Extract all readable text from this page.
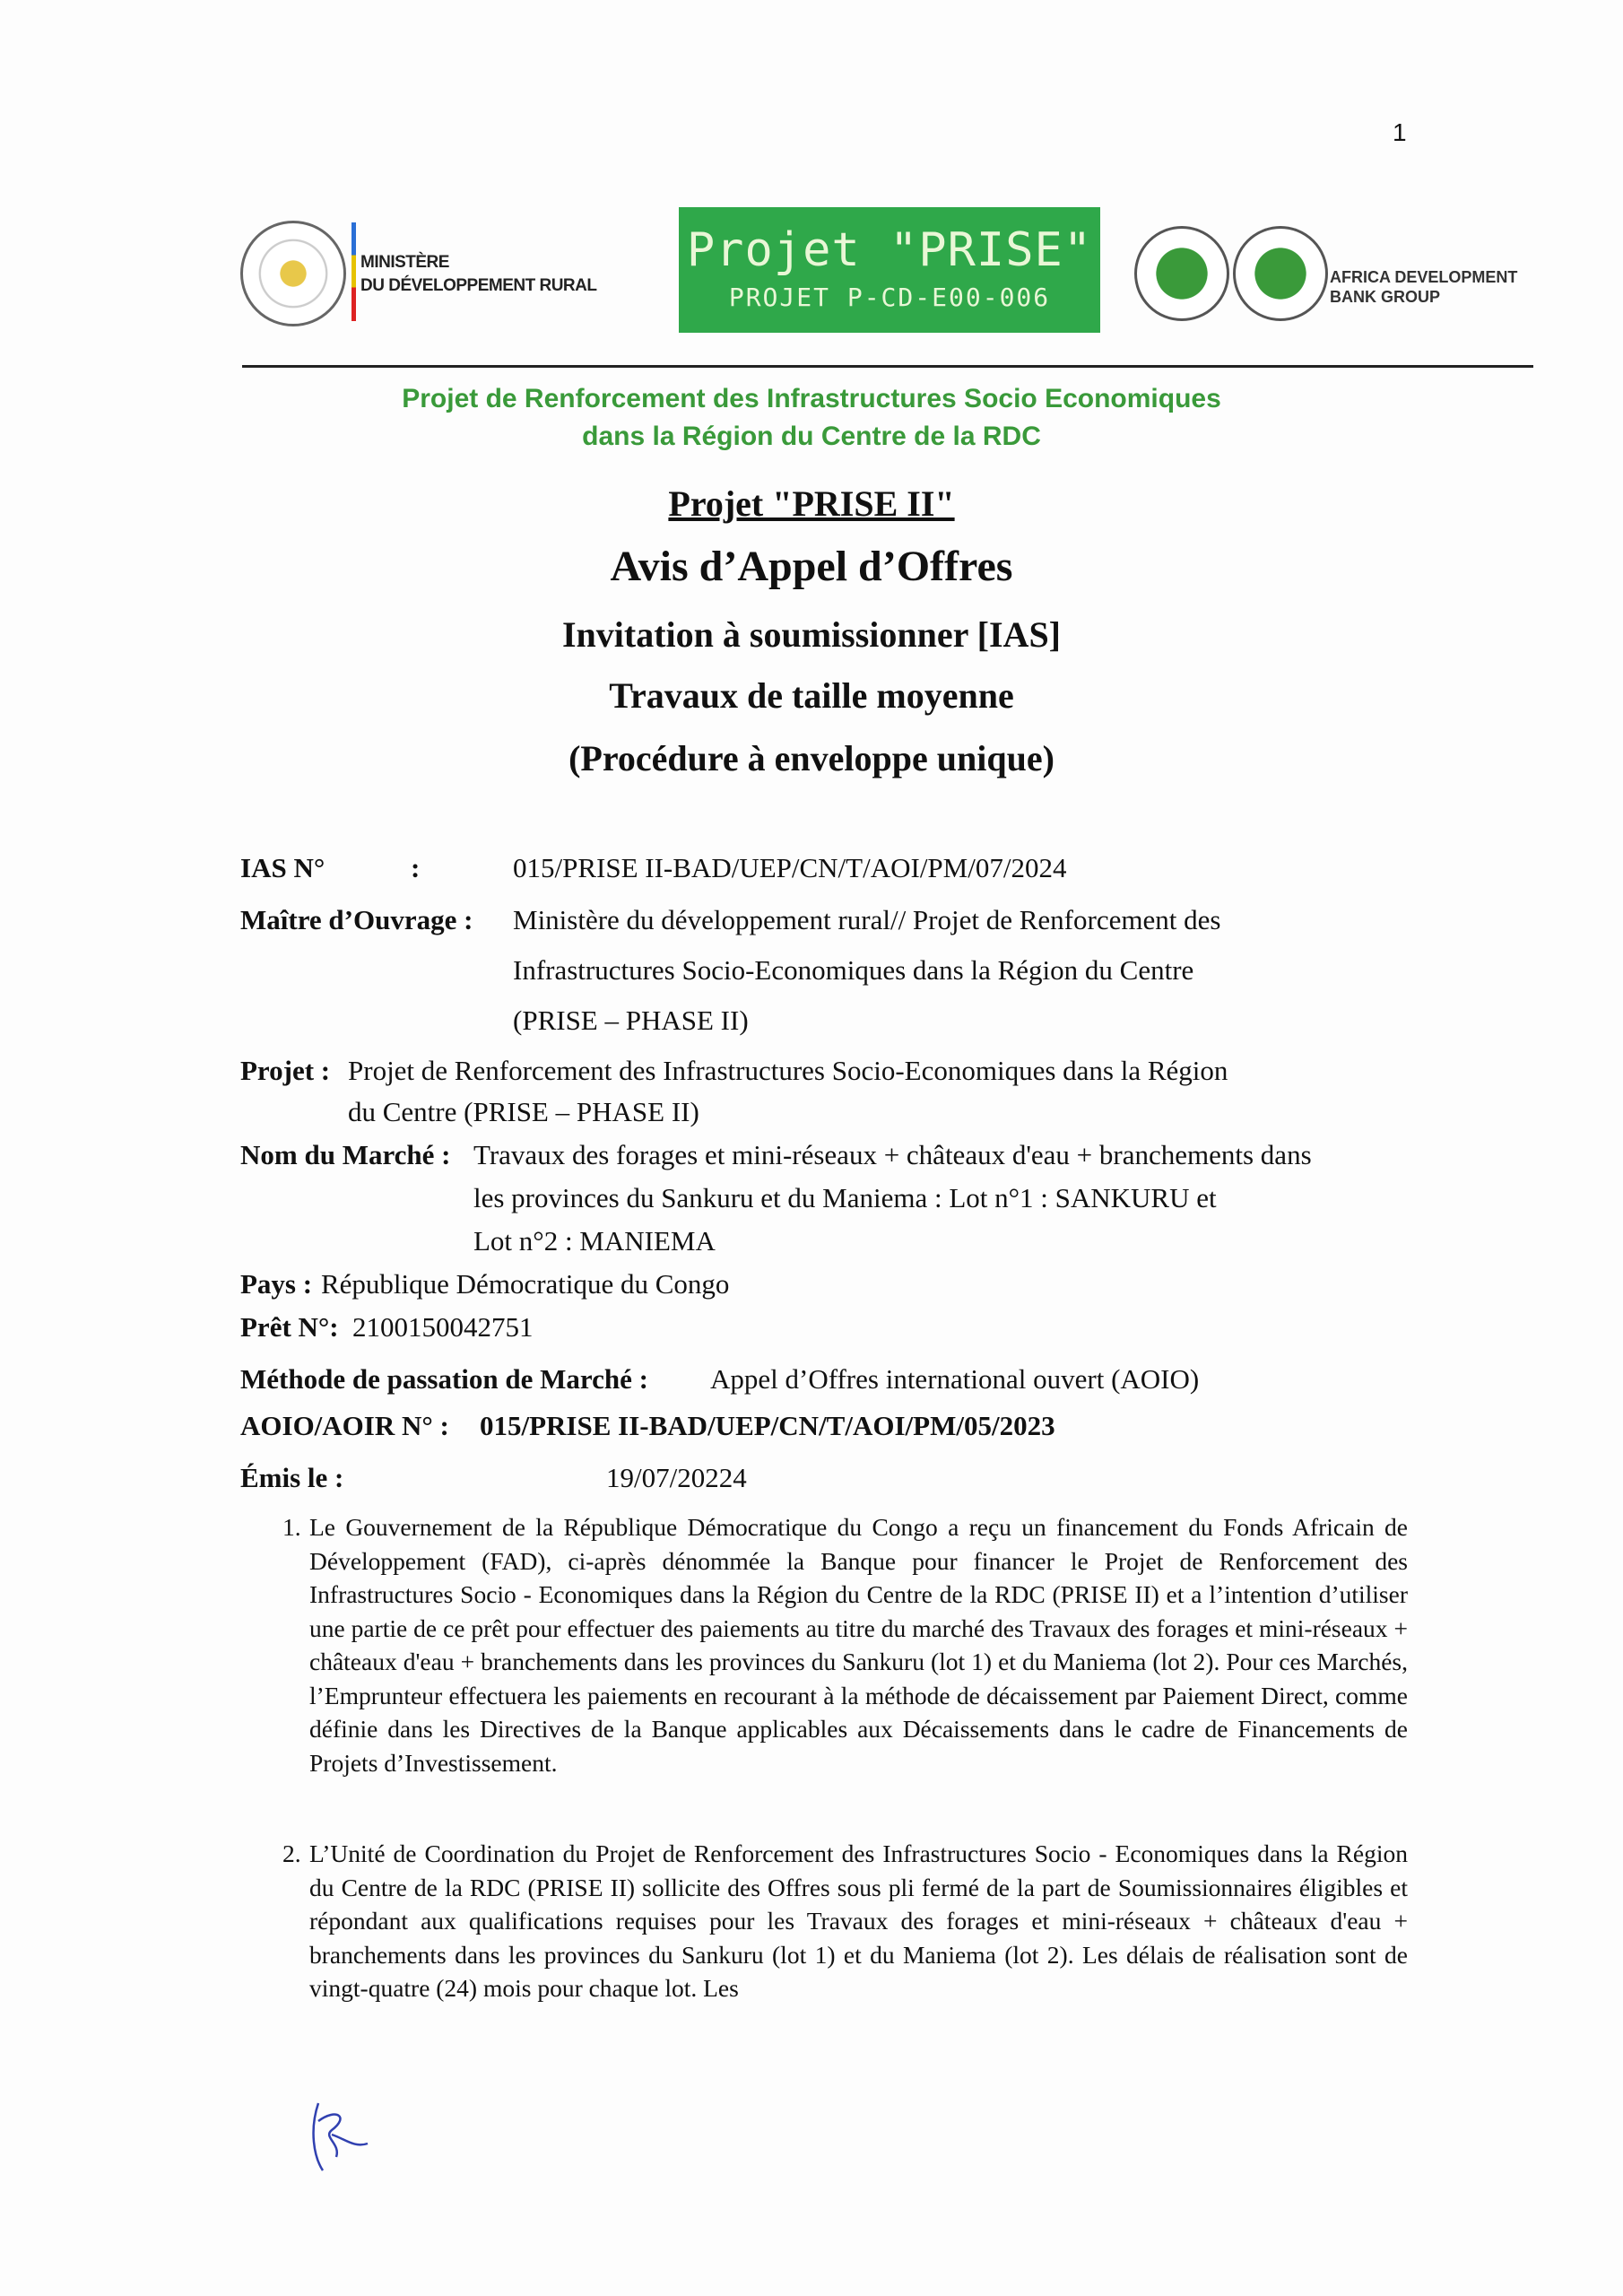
1
MINISTÈRE
DU DÉVELOPPEMENT RURAL
Projet "PRISE"
PROJET P-CD-E00-006
AFRICA DEVELOPMENT
BANK GROUP
Projet de Renforcement des Infrastructures Socio Economiques
dans la Région du Centre de la RDC
Projet "PRISE II"
Avis d’Appel d’Offres
Invitation à soumissionner [IAS]
Travaux de taille moyenne
(Procédure à enveloppe unique)
IAS N°	:	015/PRISE II-BAD/UEP/CN/T/AOI/PM/07/2024
Maître d’Ouvrage : Ministère du développement rural// Projet de Renforcement des
Infrastructures Socio-Economiques dans la Région du Centre
(PRISE – PHASE II)
Projet : Projet de Renforcement des Infrastructures Socio-Economiques dans la Région
du Centre (PRISE – PHASE II)
Nom du Marché : Travaux des forages et mini-réseaux + châteaux d'eau + branchements dans
les provinces du Sankuru et du Maniema : Lot n°1 : SANKURU et
Lot n°2 : MANIEMA
Pays : République Démocratique du Congo
Prêt N°: 2100150042751
Méthode de passation de Marché : Appel d’Offres international ouvert (AOIO)
AOIO/AOIR N° : 015/PRISE II-BAD/UEP/CN/T/AOI/PM/05/2023
Émis le :	19/07/20224
1. Le Gouvernement de la République Démocratique du Congo a reçu un financement du Fonds Africain de Développement (FAD), ci-après dénommée la Banque pour financer le Projet de Renforcement des Infrastructures Socio - Economiques dans la Région du Centre de la RDC (PRISE II) et a l’intention d’utiliser une partie de ce prêt pour effectuer des paiements au titre du marché des Travaux des forages et mini-réseaux + châteaux d'eau + branchements dans les provinces du Sankuru (lot 1) et du Maniema (lot 2). Pour ces Marchés, l’Emprunteur effectuera les paiements en recourant à la méthode de décaissement par Paiement Direct, comme définie dans les Directives de la Banque applicables aux Décaissements dans le cadre de Financements de Projets d’Investissement.
2. L’Unité de Coordination du Projet de Renforcement des Infrastructures Socio - Economiques dans la Région du Centre de la RDC (PRISE II) sollicite des Offres sous pli fermé de la part de Soumissionnaires éligibles et répondant aux qualifications requises pour les Travaux des forages et mini-réseaux + châteaux d'eau + branchements dans les provinces du Sankuru (lot 1) et du Maniema (lot 2). Les délais de réalisation sont de vingt-quatre (24) mois pour chaque lot. Les
